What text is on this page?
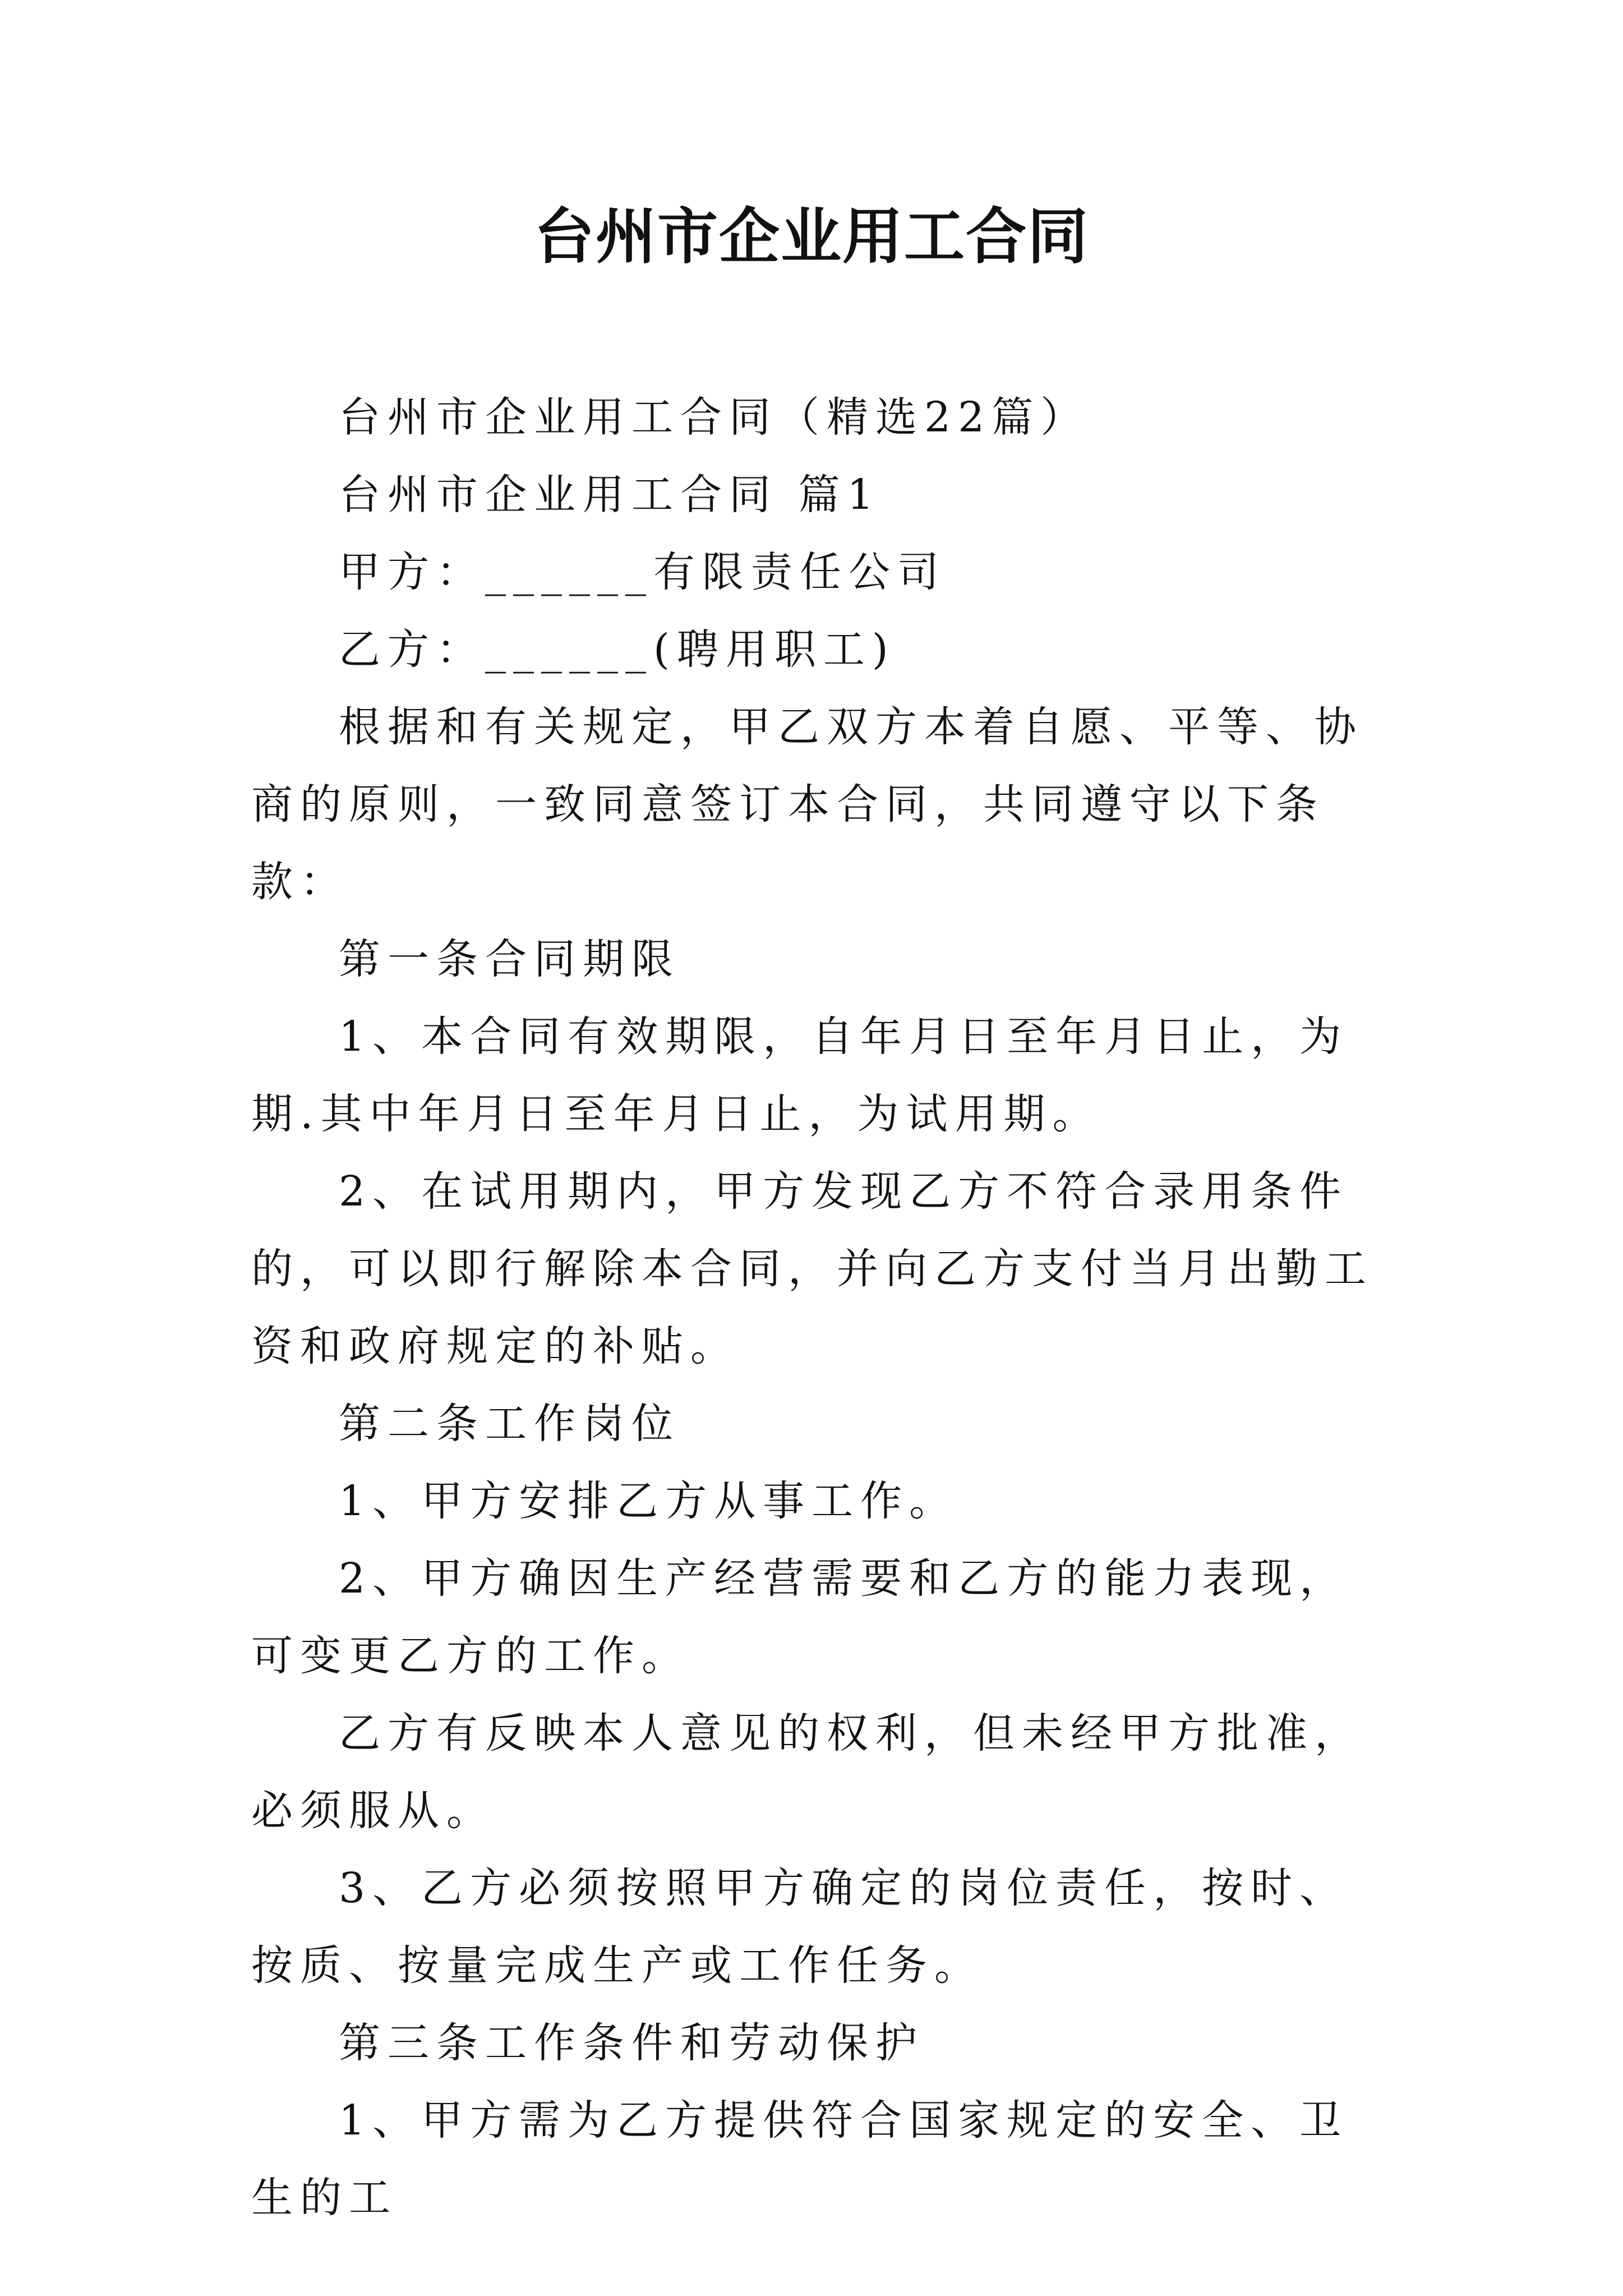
台州市企业用工合同

台州市企业用工合同（精选22篇）

台州市企业用工合同 篇1

甲方：______有限责任公司

乙方：______(聘用职工)

根据和有关规定，甲乙双方本着自愿、平等、协商的原则，一致同意签订本合同，共同遵守以下条款：

第一条合同期限

1、本合同有效期限，自年月日至年月日止，为期.其中年月日至年月日止，为试用期。

2、在试用期内，甲方发现乙方不符合录用条件的，可以即行解除本合同，并向乙方支付当月出勤工资和政府规定的补贴。

第二条工作岗位

1、甲方安排乙方从事工作。

2、甲方确因生产经营需要和乙方的能力表现，可变更乙方的工作。

乙方有反映本人意见的权利，但未经甲方批准，必须服从。

3、乙方必须按照甲方确定的岗位责任，按时、按质、按量完成生产或工作任务。

第三条工作条件和劳动保护

1、甲方需为乙方提供符合国家规定的安全、卫生的工
